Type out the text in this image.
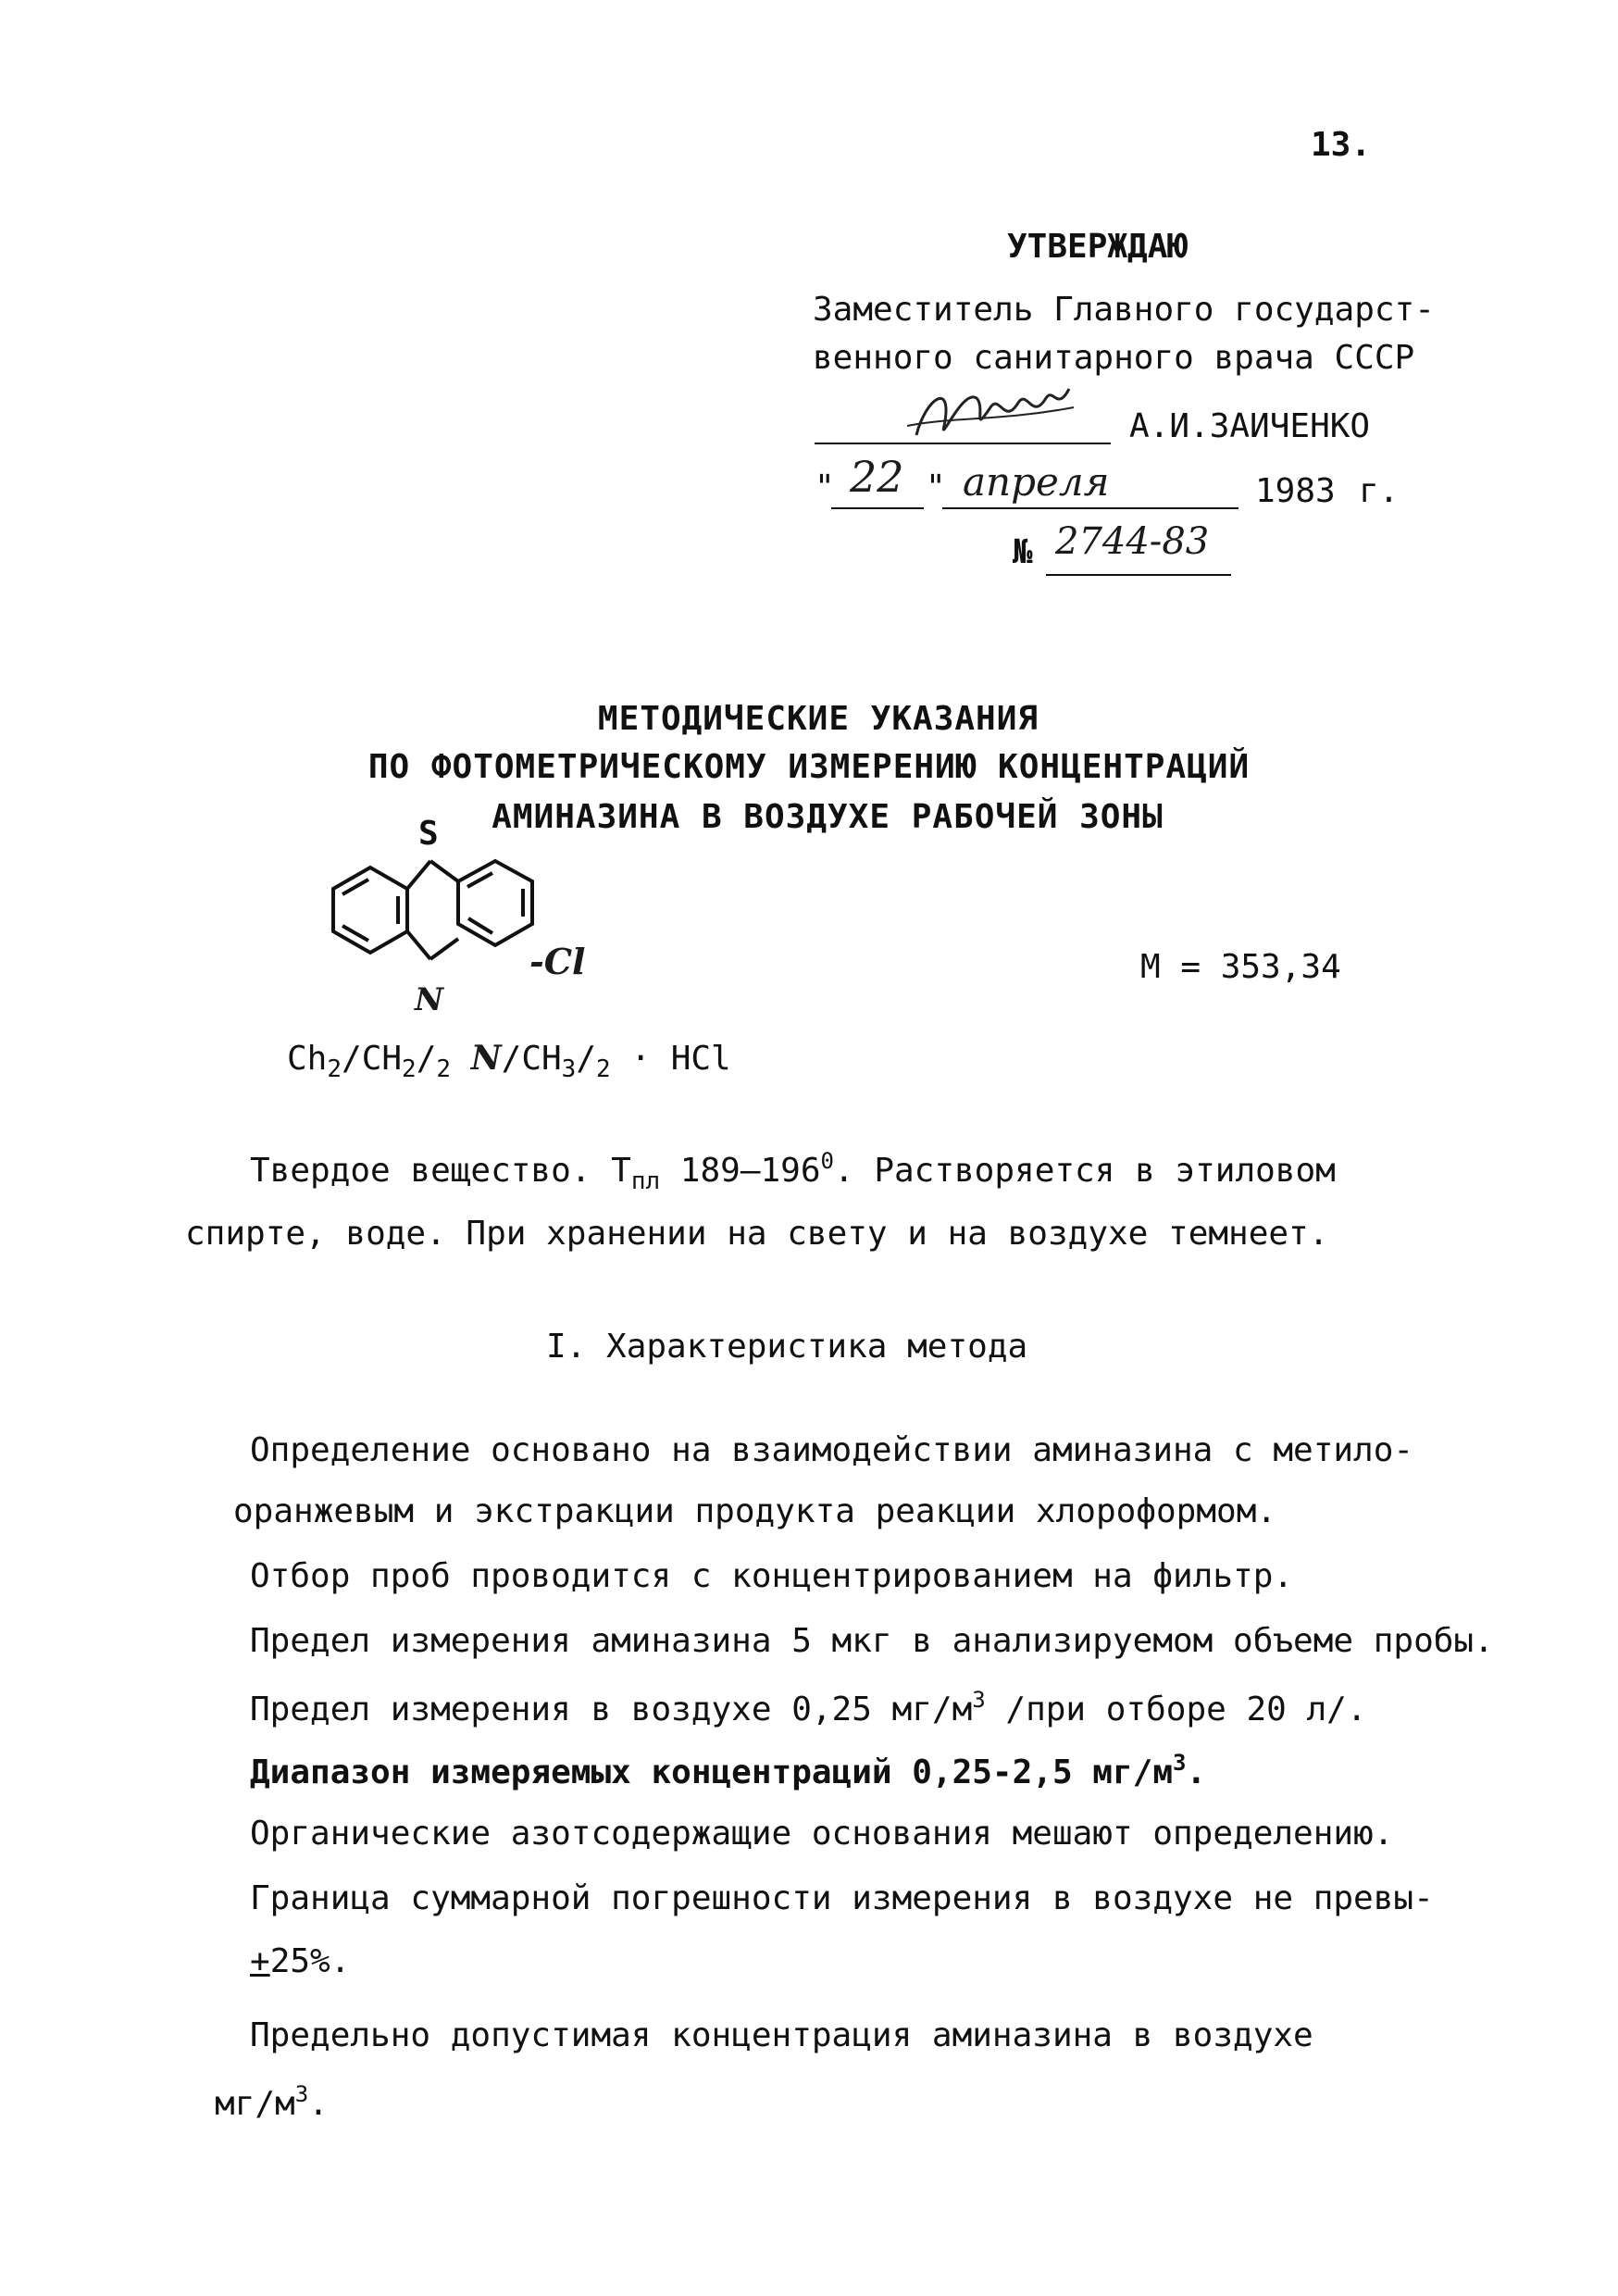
13.
УТВЕРЖДАЮ
Заместитель Главного государст-
венного санитарного врача СССР
А.И.ЗАИЧЕНКО
" 22 " апреля	1983 г.
№ 2744-83
МЕТОДИЧЕСКИЕ УКАЗАНИЯ
ПО ФОТОМЕТРИЧЕСКОМУ ИЗМЕРЕНИЮ КОНЦЕНТРАЦИЙ
АМИНАЗИНА В ВОЗДУХЕ РАБОЧЕЙ ЗОНЫ
S
-Cl
N
$Ch_2/CH_2/_2$ $N/CH_3/_2$ · HCl
M = 353,34
Твердое вещество. $Т_{пл}$ $189-196^0$. Растворяется в этиловом
спирте, воде. При хранении на свету и на воздухе темнеет.
I. Характеристика метода
Определение основано на взаимодействии аминазина с метило-
оранжевым и экстракции продукта реакции хлороформом.
Отбор проб проводится с концентрированием на фильтр.
Предел измерения аминазина 5 мкг в анализируемом объеме пробы.
Предел измерения в воздухе 0,25 $мг/м^3$ /при отборе 20 л/.
Диапазон измеряемых концентраций 0,25-2,5 $мг/м^3$.
Органические азотсодержащие основания мешают определению.
Граница суммарной погрешности измерения в воздухе не превы-
+25%.
Предельно допустимая концентрация аминазина в воздухе
$мг/м^3$.
